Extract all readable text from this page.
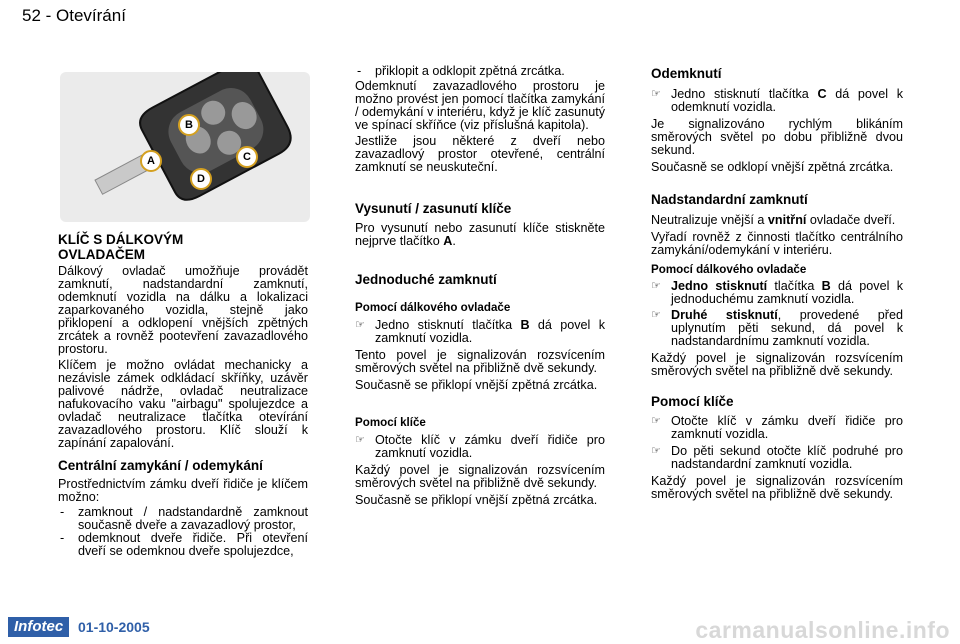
52 - Otevírání
A
B
C
D
KLÍČ S DÁLKOVÝM OVLADAČEM

Dálkový ovladač umožňuje provádět zamknutí, nadstandardní zamknutí, odemknutí vozidla na dálku a lokalizaci zaparkovaného vozidla, stejně jako přiklopení a odklopení vnějších zpětných zrcátek a rovněž pootevření zavazadlového prostoru.

Klíčem je možno ovládat mechanicky a nezávisle zámek odkládací skříňky, uzávěr palivové nádrže, ovladač neutralizace nafukovacího vaku "airbagu" spolujezdce a ovladač neutralizace tlačítka otevírání zavazadlového prostoru. Klíč slouží k zapínání zapalování.

Centrální zamykání / odemykání

Prostřednictvím zámku dveří řidiče je klíčem možno:

- zamknout / nadstandardně zamknout současně dveře a zavazadlový prostor,

- odemknout dveře řidiče. Při otevření dveří se odemknou dveře spolujezdce,

- přiklopit a odklopit zpětná zrcátka.

Odemknutí zavazadlového prostoru je možno provést jen pomocí tlačítka zamykání / odemykání v interiéru, když je klíč zasunutý ve spínací skříňce (viz příslušná kapitola).

Jestliže jsou některé z dveří nebo zavazadlový prostor otevřené, centrální zamknutí se neuskuteční.

Vysunutí / zasunutí klíče

Pro vysunutí nebo zasunutí klíče stiskněte nejprve tlačítko A.

Jednoduché zamknutí
Pomocí dálkového ovladače

☞ Jedno stisknutí tlačítka B dá povel k zamknutí vozidla.

Tento povel je signalizován rozsvícením směrových světel na přibližně dvě sekundy.

Současně se přiklopí vnější zpětná zrcátka.

Pomocí klíče

☞ Otočte klíč v zámku dveří řidiče pro zamknutí vozidla.

Každý povel je signalizován rozsvícením směrových světel na přibližně dvě sekundy.

Současně se přiklopí vnější zpětná zrcátka.

Odemknutí

☞ Jedno stisknutí tlačítka C dá povel k odemknutí vozidla.

Je signalizováno rychlým blikáním směrových světel po dobu přibližně dvou sekund.

Současně se odklopí vnější zpětná zrcátka.

Nadstandardní zamknutí

Neutralizuje vnější a vnitřní ovladače dveří.

Vyřadí rovněž z činnosti tlačítko centrálního zamykání/odemykání v interiéru.

Pomocí dálkového ovladače

☞ Jedno stisknutí tlačítka B dá povel k jednoduchému zamknutí vozidla.

☞ Druhé stisknutí, provedené před uplynutím pěti sekund, dá povel k nadstandardnímu zamknutí vozidla.

Každý povel je signalizován rozsvícením směrových světel na přibližně dvě sekundy.

Pomocí klíče

☞ Otočte klíč v zámku dveří řidiče pro zamknutí vozidla.

☞ Do pěti sekund otočte klíč podruhé pro nadstandardní zamknutí vozidla.

Každý povel je signalizován rozsvícením směrových světel na přibližně dvě sekundy.

Infotec	01-10-2005	carmanualsonline.info
